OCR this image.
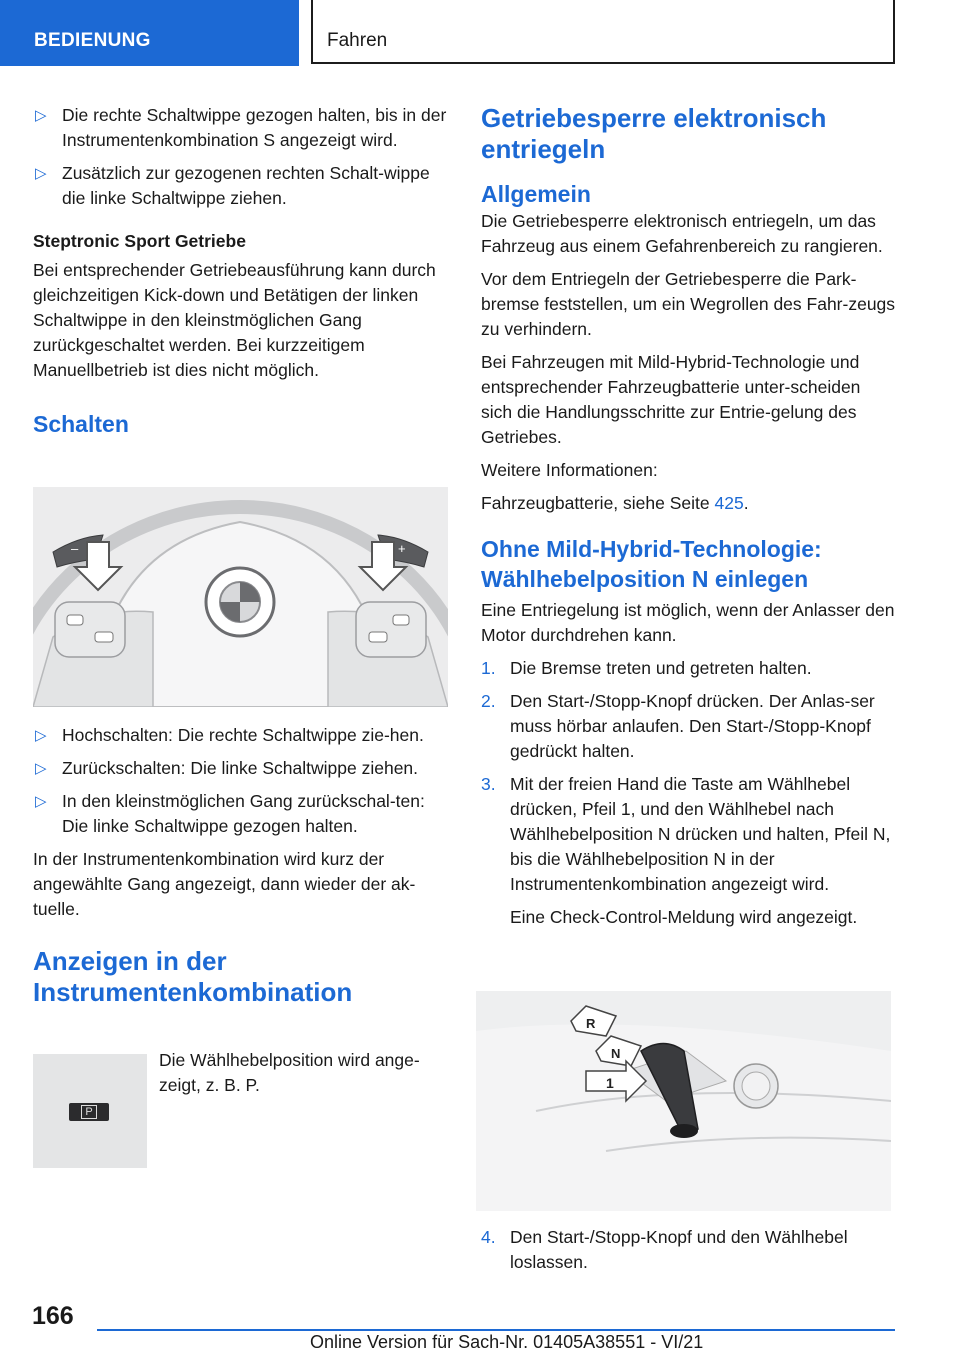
BEDIENUNG	Fahren
▷ Die rechte Schaltwippe gezogen halten, bis in der Instrumentenkombination S angezeigt wird.
▷ Zusätzlich zur gezogenen rechten Schalt-wippe die linke Schaltwippe ziehen.
Steptronic Sport Getriebe

Bei entsprechender Getriebeausführung kann durch gleichzeitigen Kick-down und Betätigen der linken Schaltwippe in den kleinstmöglichen Gang zurückgeschaltet werden. Bei kurzzeitigem Manuellbetrieb ist dies nicht möglich.

Schalten
–	+
▷ Hochschalten: Die rechte Schaltwippe zie-hen.
▷ Zurückschalten: Die linke Schaltwippe ziehen.
▷ In den kleinstmöglichen Gang zurückschal-ten: Die linke Schaltwippe gezogen halten.

In der Instrumentenkombination wird kurz der angewählte Gang angezeigt, dann wieder der ak-tuelle.

Anzeigen in der
Instrumentenkombination
P

Die Wählhebelposition wird ange-zeigt, z. B. P.

Getriebesperre elektronisch
entriegeln
Allgemein

Die Getriebesperre elektronisch entriegeln, um das Fahrzeug aus einem Gefahrenbereich zu rangieren.

Vor dem Entriegeln der Getriebesperre die Park-bremse feststellen, um ein Wegrollen des Fahr-zeugs zu verhindern.

Bei Fahrzeugen mit Mild-Hybrid-Technologie und entsprechender Fahrzeugbatterie unter-scheiden sich die Handlungsschritte zur Entrie-gelung des Getriebes.

Weitere Informationen:

Fahrzeugbatterie, siehe Seite 425.

Ohne Mild-Hybrid-Technologie:
Wählhebelposition N einlegen

Eine Entriegelung ist möglich, wenn der Anlasser den Motor durchdrehen kann.

1. Die Bremse treten und getreten halten.
2. Den Start-/Stopp-Knopf drücken. Der Anlas-ser muss hörbar anlaufen. Den Start-/Stopp-Knopf gedrückt halten.
3. Mit der freien Hand die Taste am Wählhebel drücken, Pfeil 1, und den Wählhebel nach Wählhebelposition N drücken und halten, Pfeil N, bis die Wählhebelposition N in der Instrumentenkombination angezeigt wird.
Eine Check-Control-Meldung wird angezeigt.
R
N
1
4. Den Start-/Stopp-Knopf und den Wählhebel loslassen.
166
Online Version für Sach-Nr. 01405A38551 - VI/21
